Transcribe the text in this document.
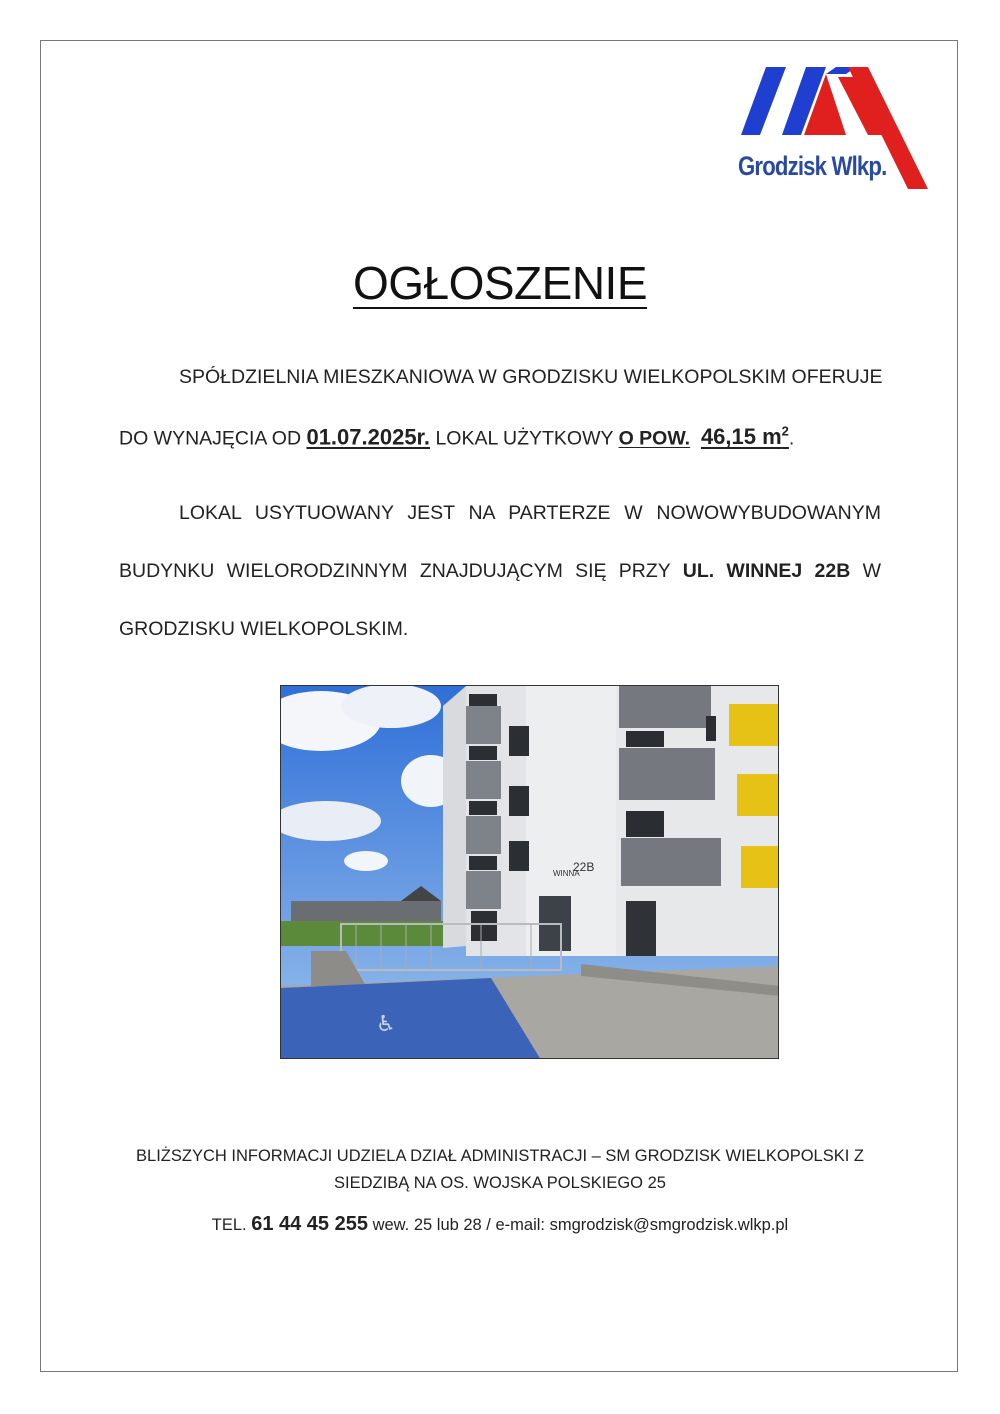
Grodzisk Wlkp.
OGŁOSZENIE
SPÓŁDZIELNIA MIESZKANIOWA W GRODZISKU WIELKOPOLSKIM OFERUJE
DO WYNAJĘCIA OD 01.07.2025r. LOKAL UŻYTKOWY O POW. 46,15 $m^2$.
LOKAL USYTUOWANY JEST NA PARTERZE W NOWOWYBUDOWANYM
BUDYNKU WIELORODZINNYM ZNAJDUJĄCYM SIĘ PRZY UL. WINNEJ 22B W
GRODZISKU WIELKOPOLSKIM.
WINNA
22B
♿
BLIŻSZYCH INFORMACJI UDZIELA DZIAŁ ADMINISTRACJI – SM GRODZISK WIELKOPOLSKI Z
SIEDZIBĄ NA OS. WOJSKA POLSKIEGO 25
TEL. 61 44 45 255 wew. 25 lub 28 / e-mail: smgrodzisk@smgrodzisk.wlkp.pl
